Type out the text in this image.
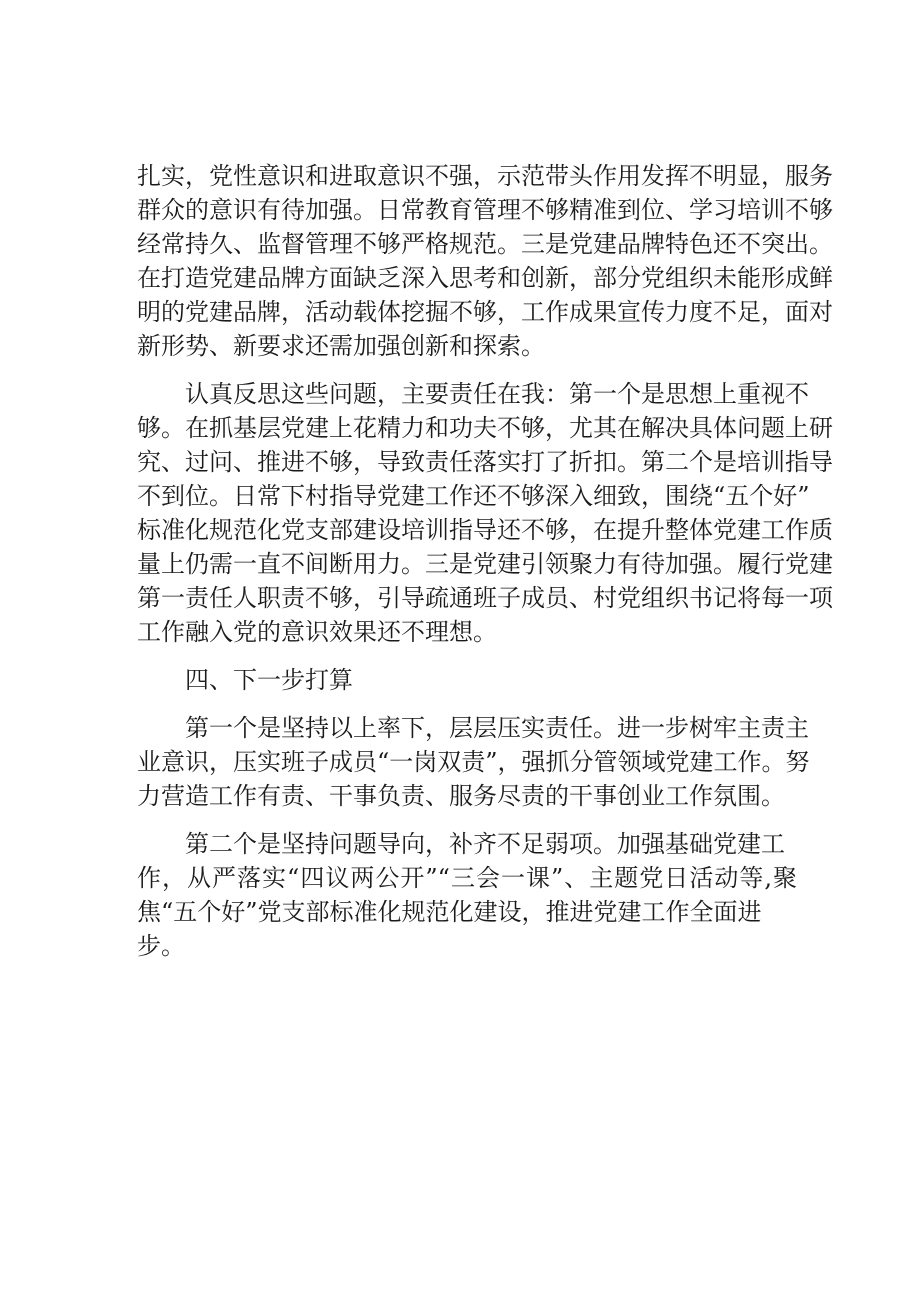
扎实，党性意识和进取意识不强，示范带头作用发挥不明显，服务
群众的意识有待加强。日常教育管理不够精准到位、学习培训不够
经常持久、监督管理不够严格规范。三是党建品牌特色还不突出。
在打造党建品牌方面缺乏深入思考和创新，部分党组织未能形成鲜
明的党建品牌，活动载体挖掘不够，工作成果宣传力度不足，面对
新形势、新要求还需加强创新和探索。
认真反思这些问题，主要责任在我：第一个是思想上重视不
够。在抓基层党建上花精力和功夫不够，尤其在解决具体问题上研
究、过问、推进不够，导致责任落实打了折扣。第二个是培训指导
不到位。日常下村指导党建工作还不够深入细致，围绕“五个好”
标准化规范化党支部建设培训指导还不够，在提升整体党建工作质
量上仍需一直不间断用力。三是党建引领聚力有待加强。履行党建
第一责任人职责不够，引导疏通班子成员、村党组织书记将每一项
工作融入党的意识效果还不理想。
四、下一步打算
第一个是坚持以上率下，层层压实责任。进一步树牢主责主
业意识，压实班子成员“一岗双责”，强抓分管领域党建工作。努
力营造工作有责、干事负责、服务尽责的干事创业工作氛围。
第二个是坚持问题导向，补齐不足弱项。加强基础党建工
作，从严落实“四议两公开”“三会一课”、主题党日活动等,聚
焦“五个好”党支部标准化规范化建设，推进党建工作全面进
步。
